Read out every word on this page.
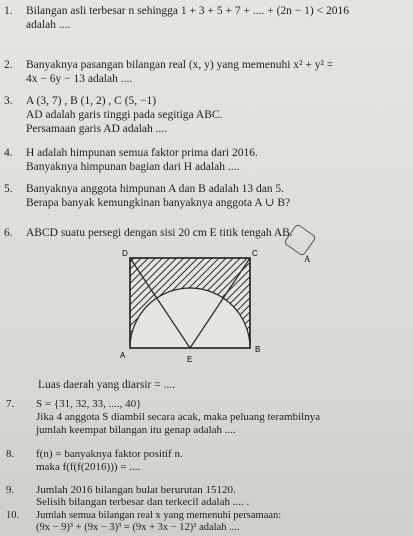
1. Bilangan asli terbesar n sehingga 1 + 3 + 5 + 7 + .... + (2n − 1) < 2016
adalah ....
2. Banyaknya pasangan bilangan real (x, y) yang memenuhi x² + y² =
4x − 6y − 13 adalah ....
3. A (3, 7) , B (1, 2) , C (5, −1)
AD adalah garis tinggi pada segitiga ABC.
Persamaan garis AD adalah ....
4. H adalah himpunan semua faktor prima dari 2016.
Banyaknya himpunan bagian dari H adalah ....
5. Banyaknya anggota himpunan A dan B adalah 13 dan 5.
Berapa banyak kemungkinan banyaknya anggota A ∪ B?
6. ABCD suatu persegi dengan sisi 20 cm E titik tengah AB.
D	C
A
B
E
A
Luas daerah yang diarsir = ....
7. S = {31, 32, 33, ...., 40}
Jika 4 anggota S diambil secara acak, maka peluang terambilnya
jumlah keempat bilangan itu genap adalah ....
8. f(n) = banyaknya faktor positif n.
maka f(f(f(2016))) = ....
9. Jumlah 2016 bilangan bulat berurutan 15120.
Selisih bilangan terbesar dan terkecil adalah .... .
10. Jumlah semua bilangan real x yang memenuhi persamaan:
(9x − 9)³ + (9x − 3)³ = (9x + 3x − 12)³ adalah ....
